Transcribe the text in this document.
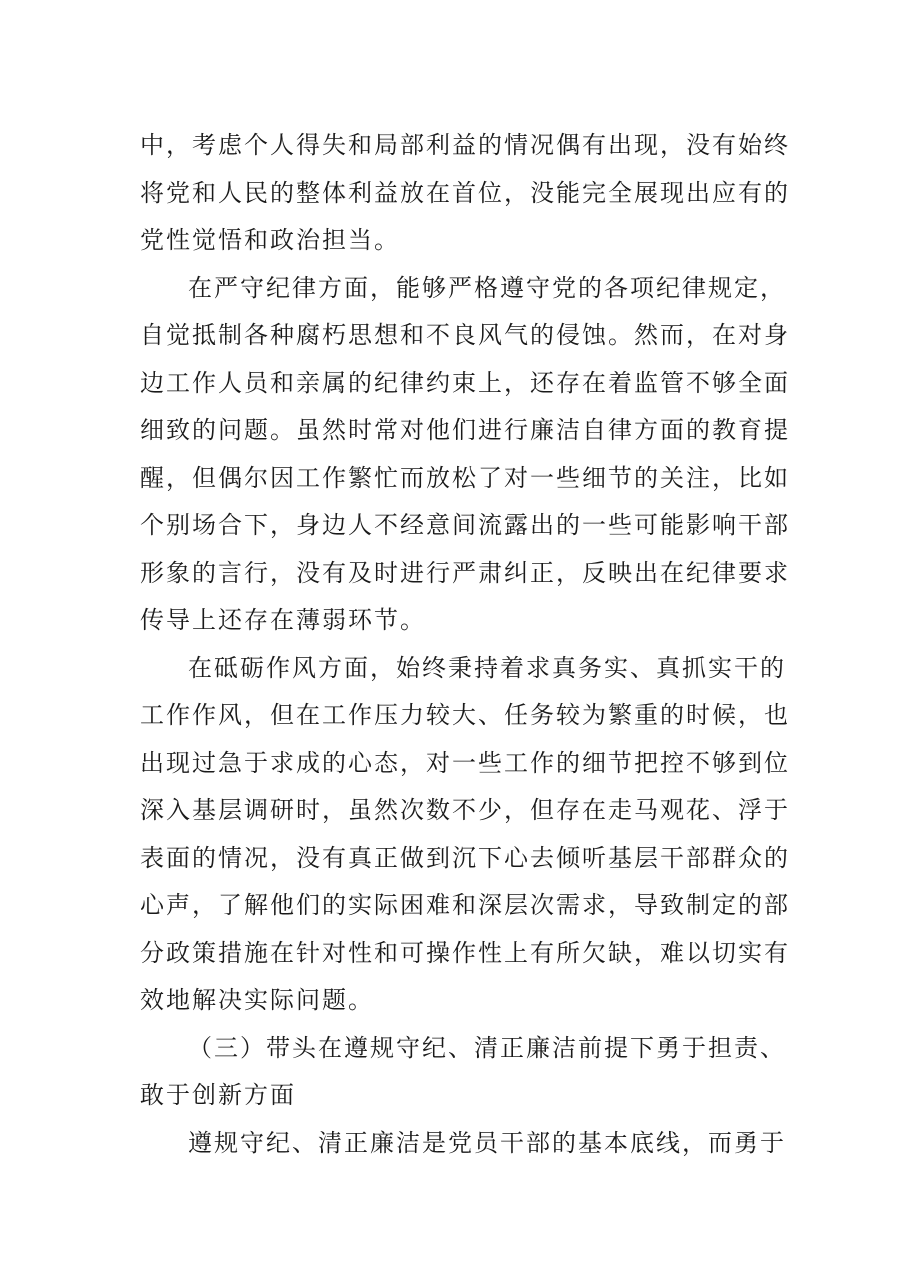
中，考虑个人得失和局部利益的情况偶有出现，没有始终
将党和人民的整体利益放在首位，没能完全展现出应有的
党性觉悟和政治担当。
在严守纪律方面，能够严格遵守党的各项纪律规定，
自觉抵制各种腐朽思想和不良风气的侵蚀。然而，在对身
边工作人员和亲属的纪律约束上，还存在着监管不够全面
细致的问题。虽然时常对他们进行廉洁自律方面的教育提
醒，但偶尔因工作繁忙而放松了对一些细节的关注，比如
个别场合下，身边人不经意间流露出的一些可能影响干部
形象的言行，没有及时进行严肃纠正，反映出在纪律要求
传导上还存在薄弱环节。
在砥砺作风方面，始终秉持着求真务实、真抓实干的
工作作风，但在工作压力较大、任务较为繁重的时候，也
出现过急于求成的心态，对一些工作的细节把控不够到位
深入基层调研时，虽然次数不少，但存在走马观花、浮于
表面的情况，没有真正做到沉下心去倾听基层干部群众的
心声，了解他们的实际困难和深层次需求，导致制定的部
分政策措施在针对性和可操作性上有所欠缺，难以切实有
效地解决实际问题。
（三）带头在遵规守纪、清正廉洁前提下勇于担责、
敢于创新方面
遵规守纪、清正廉洁是党员干部的基本底线，而勇于
